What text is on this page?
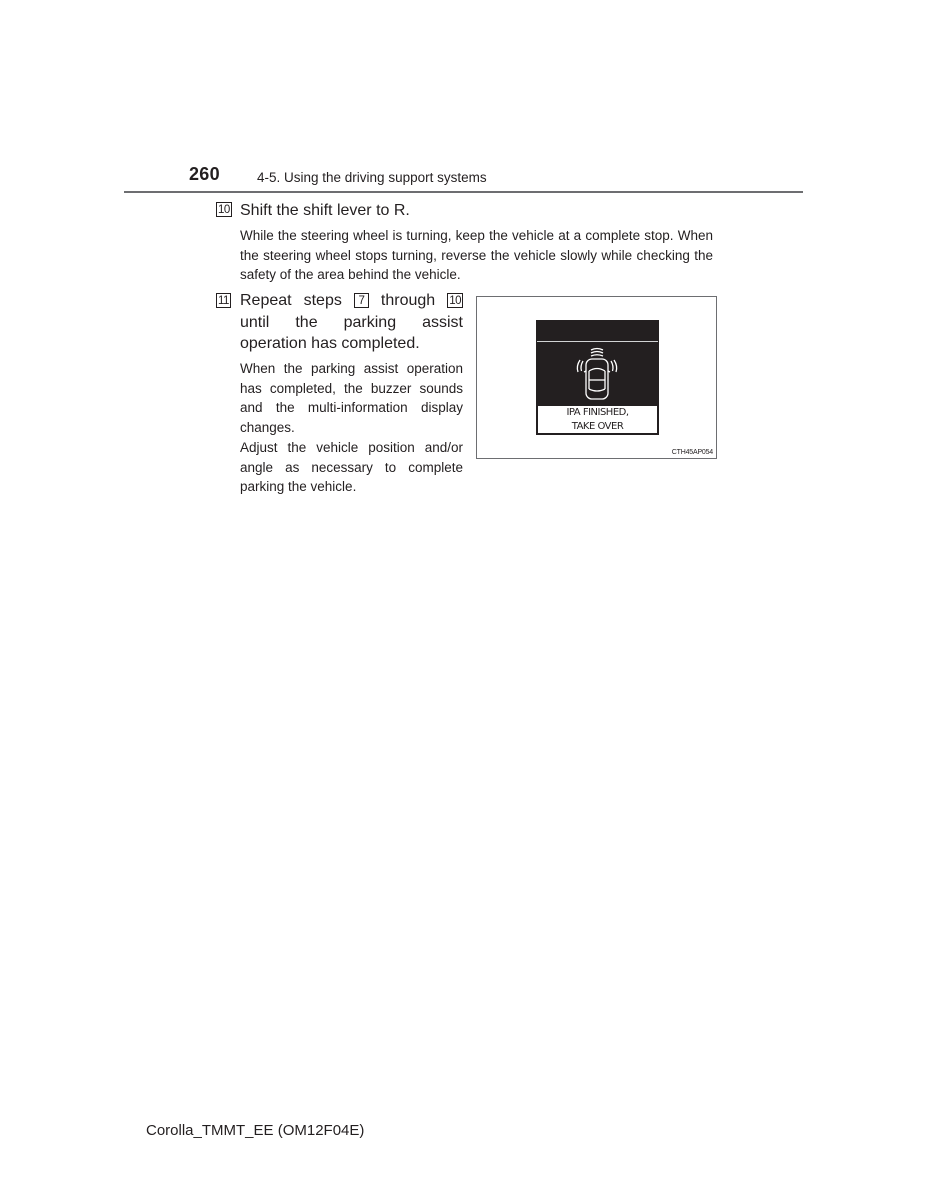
260	4-5. Using the driving support systems
10 Shift the shift lever to R.

While the steering wheel is turning, keep the vehicle at a complete stop. When the steering wheel stops turning, reverse the vehicle slowly while checking the safety of the area behind the vehicle.

11 Repeat steps 7 through 10 until the parking assist operation has completed.

When the parking assist operation has completed, the buzzer sounds and the multi-information display changes.

Adjust the vehicle position and/or angle as necessary to complete parking the vehicle.

IPA FINISHED,
TAKE OVER
CTH45AP054
Corolla_TMMT_EE (OM12F04E)
